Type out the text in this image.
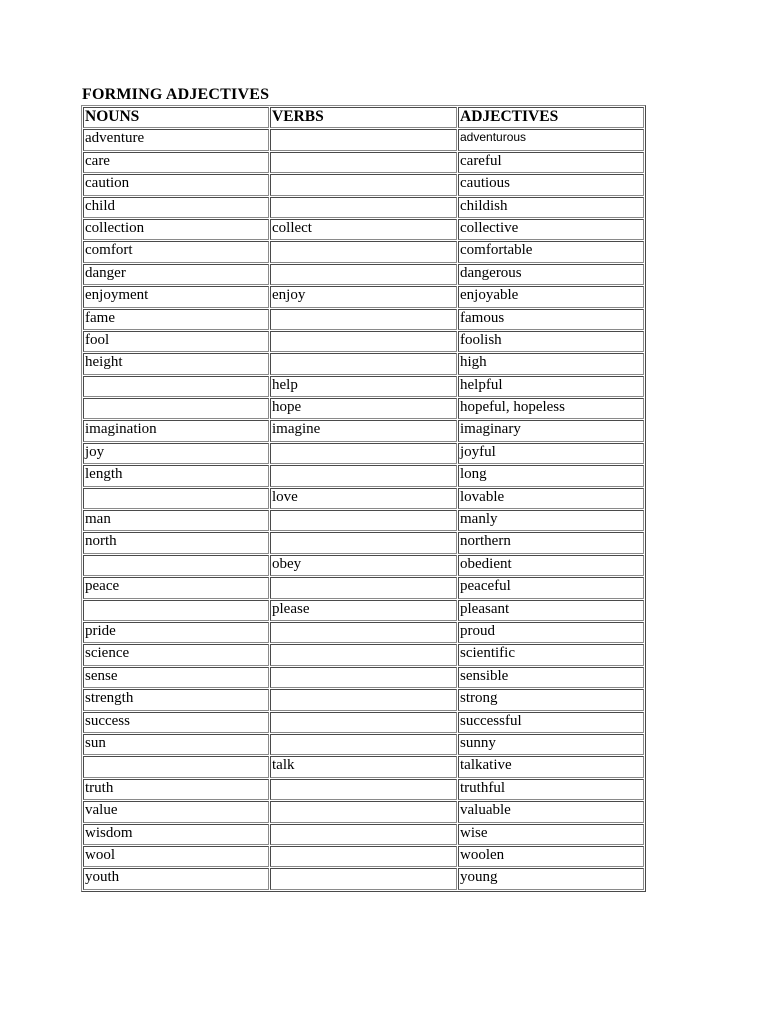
FORMING ADJECTIVES
NOUNS	VERBS	ADJECTIVES
adventure		adventurous
care		careful
caution		cautious
child		childish
collection	collect	collective
comfort		comfortable
danger		dangerous
enjoyment	enjoy	enjoyable
fame		famous
fool		foolish
height		high
	help	helpful
	hope	hopeful, hopeless
imagination	imagine	imaginary
joy		joyful
length		long
	love	lovable
man		manly
north		northern
	obey	obedient
peace		peaceful
	please	pleasant
pride		proud
science		scientific
sense		sensible
strength		strong
success		successful
sun		sunny
	talk	talkative
truth		truthful
value		valuable
wisdom		wise
wool		woolen
youth		young
